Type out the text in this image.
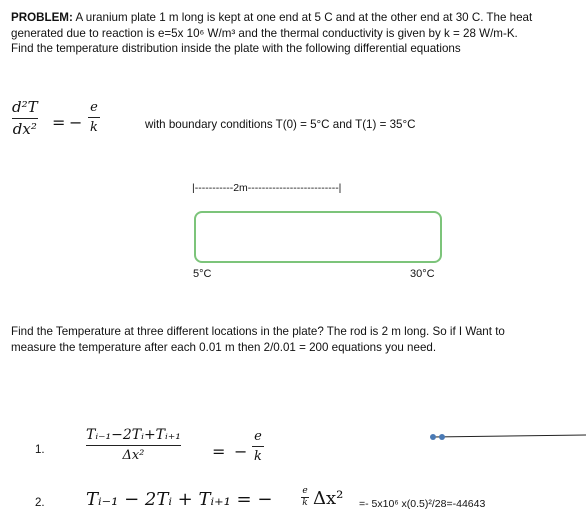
PROBLEM: A uranium plate 1 m long is kept at one end at 5 C and at the other end at 30 C. The heat
generated due to reaction is e=5x 10⁶ W/m³ and the thermal conductivity is given by k = 28 W/m-K.
Find the temperature distribution inside the plate with the following differential equations
d²T
dx² = −
e
k	with boundary conditions T(0) = 5°C and T(1) = 35°C
|-----------2m--------------------------|
5°C	30°C
Find the Temperature at three different locations in the plate? The rod is 2 m long. So if I Want to
measure the temperature after each 0.01 m then 2/0.01 = 200 equations you need.
1.
Tᵢ₋₁−2Tᵢ+Tᵢ₊₁
Δx²	= −
e
k
2. Tᵢ₋₁ − 2Tᵢ + Tᵢ₊₁ = −	e
k Δx² =- 5x10⁶ x(0.5)²/28=-44643
